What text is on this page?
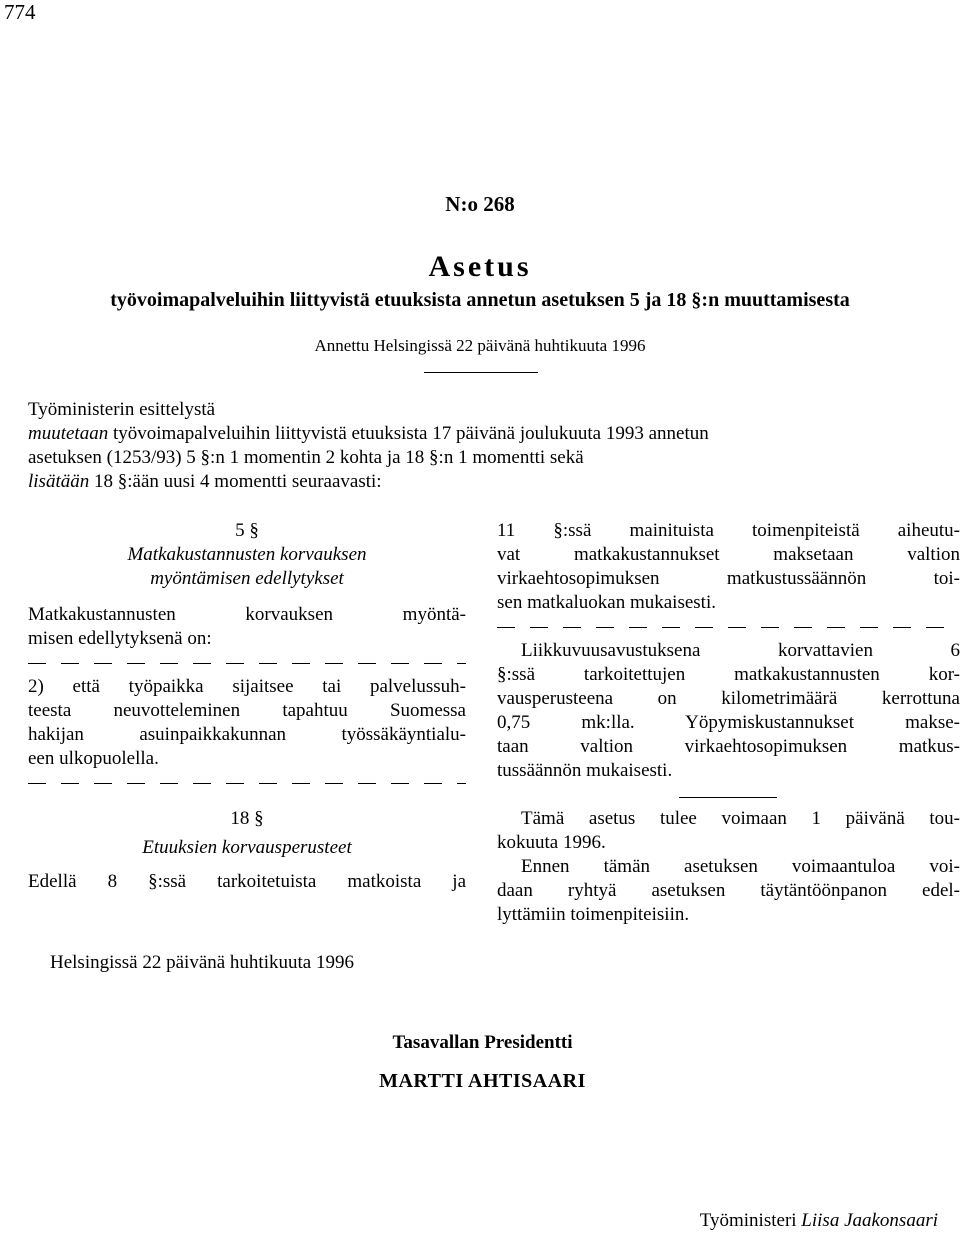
774
N:o 268
Asetus
työvoimapalveluihin liittyvistä etuuksista annetun asetuksen 5 ja 18 §:n muuttamisesta
Annettu Helsingissä 22 päivänä huhtikuuta 1996
Työministerin esittelystä
muutetaan työvoimapalveluihin liittyvistä etuuksista 17 päivänä joulukuuta 1993 annetun
asetuksen (1253/93) 5 §:n 1 momentin 2 kohta ja 18 §:n 1 momentti sekä
lisätään 18 §:ään uusi 4 momentti seuraavasti:
5 §
Matkakustannusten korvauksen
myöntämisen edellytykset
Matkakustannusten korvauksen myöntä-
misen edellytyksenä on:
2) että työpaikka sijaitsee tai palvelussuh-
teesta neuvotteleminen tapahtuu Suomessa
hakijan asuinpaikkakunnan työssäkäyntialu-
een ulkopuolella.
18 §
Etuuksien korvausperusteet
Edellä 8 §:ssä tarkoitetuista matkoista ja
11 §:ssä mainituista toimenpiteistä aiheutu-
vat matkakustannukset maksetaan valtion
virkaehtosopimuksen matkustussäännön toi-
sen matkaluokan mukaisesti.
Liikkuvuusavustuksena korvattavien 6
§:ssä tarkoitettujen matkakustannusten kor-
vausperusteena on kilometrimäärä kerrottuna
0,75 mk:lla. Yöpymiskustannukset makse-
taan valtion virkaehtosopimuksen matkus-
tussäännön mukaisesti.
Tämä asetus tulee voimaan 1 päivänä tou-
kokuuta 1996.
Ennen tämän asetuksen voimaantuloa voi-
daan ryhtyä asetuksen täytäntöönpanon edel-
lyttämiin toimenpiteisiin.
Helsingissä 22 päivänä huhtikuuta 1996
Tasavallan Presidentti
MARTTI AHTISAARI
Työministeri Liisa Jaakonsaari
